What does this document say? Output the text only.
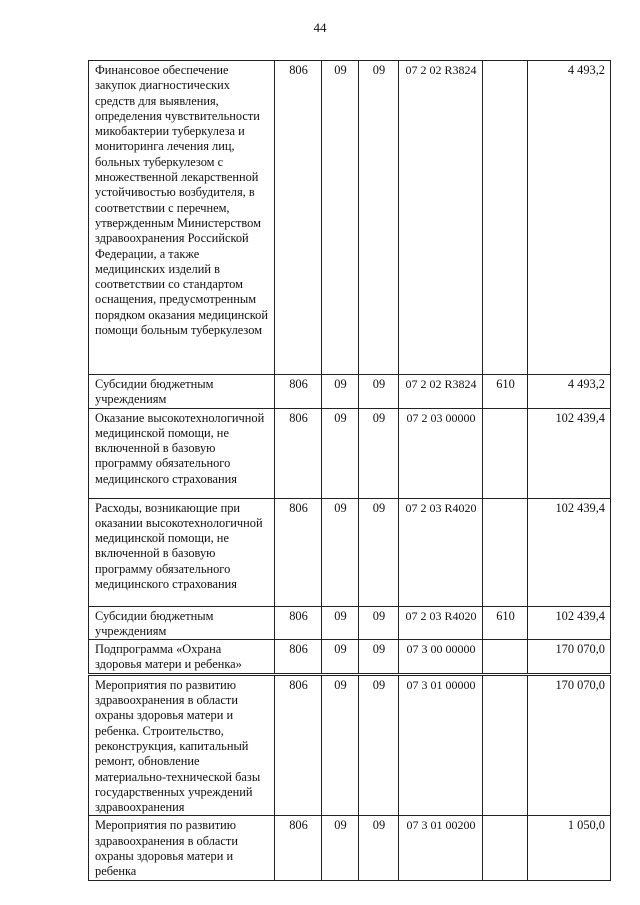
44
Финансовое обеспечение закупок диагностических средств для выявления, определения чувствительности микобактерии туберкулеза и мониторинга лечения лиц, больных туберкулезом с множественной лекарственной устойчивостью возбудителя, в соответствии с перечнем, утвержденным Министерством здравоохранения Российской Федерации, а также медицинских изделий в соответствии со стандартом оснащения, предусмотренным порядком оказания медицинской помощи больным туберкулезом	806	09	09	07 2 02 R3824		4 493,2
Субсидии бюджетным учреждениям	806	09	09	07 2 02 R3824	610	4 493,2
Оказание высокотехнологичной медицинской помощи, не включенной в базовую программу обязательного медицинского страхования	806	09	09	07 2 03 00000		102 439,4
Расходы, возникающие при оказании высокотехнологичной медицинской помощи, не включенной в базовую программу обязательного медицинского страхования	806	09	09	07 2 03 R4020		102 439,4
Субсидии бюджетным учреждениям	806	09	09	07 2 03 R4020	610	102 439,4
Подпрограмма «Охрана здоровья матери и ребенка»	806	09	09	07 3 00 00000		170 070,0
Мероприятия по развитию здравоохранения в области охраны здоровья матери и ребенка. Строительство, реконструкция, капитальный ремонт, обновление материально-технической базы государственных учреждений здравоохранения	806	09	09	07 3 01 00000		170 070,0
Мероприятия по развитию здравоохранения в области охраны здоровья матери и ребенка	806	09	09	07 3 01 00200		1 050,0
